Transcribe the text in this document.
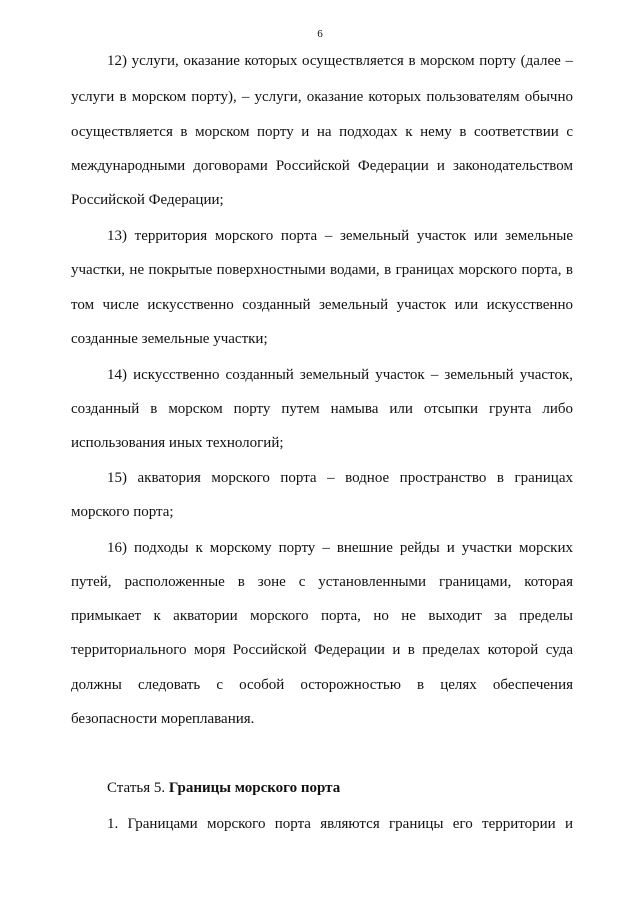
6
12) услуги, оказание которых осуществляется в морском порту (далее –
услуги в морском порту), – услуги, оказание которых пользователям обычно
осуществляется в морском порту и на подходах к нему в соответствии с
международными договорами Российской Федерации и законодательством
Российской Федерации;
13) территория морского порта – земельный участок или земельные
участки, не покрытые поверхностными водами, в границах морского порта, в
том числе искусственно созданный земельный участок или искусственно
созданные земельные участки;
14) искусственно созданный земельный участок – земельный участок,
созданный в морском порту путем намыва или отсыпки грунта либо
использования иных технологий;
15) акватория морского порта – водное пространство в границах
морского порта;
16) подходы к морскому порту – внешние рейды и участки морских
путей, расположенные в зоне с установленными границами, которая
примыкает к акватории морского порта, но не выходит за пределы
территориального моря Российской Федерации и в пределах которой суда
должны следовать с особой осторожностью в целях обеспечения
безопасности мореплавания.
Статья 5. Границы морского порта
1. Границами морского порта являются границы его территории и
